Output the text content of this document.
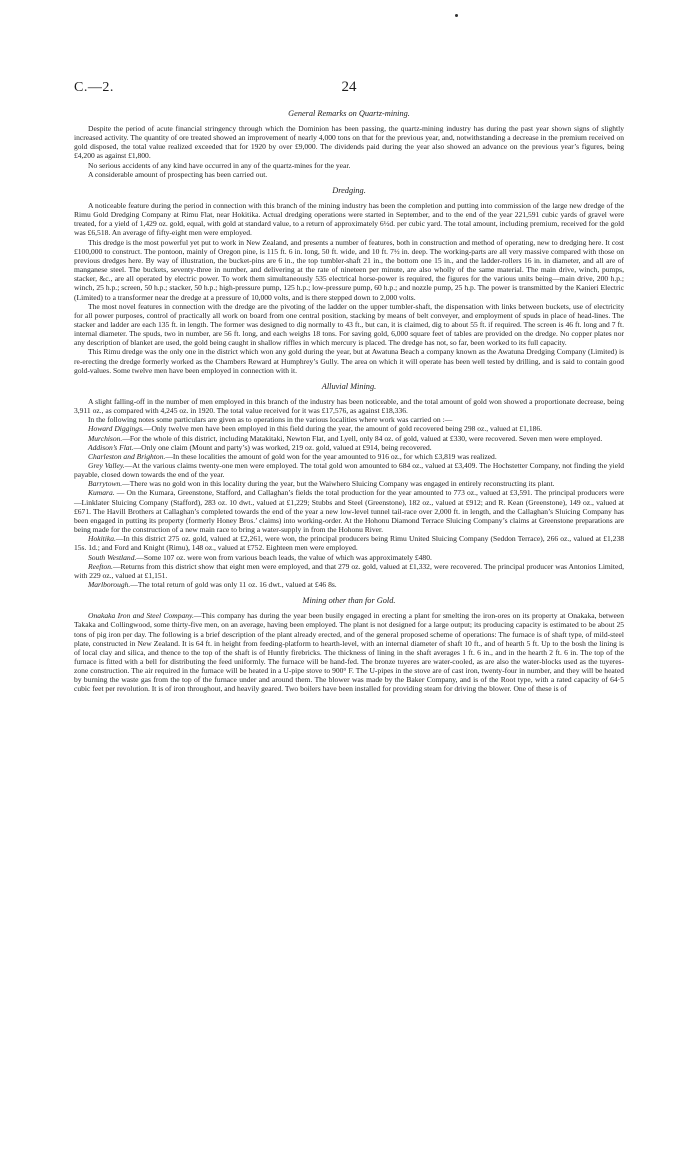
C.—2.	24
General Remarks on Quartz-mining.

Despite the period of acute financial stringency through which the Dominion has been passing, the quartz-mining industry has during the past year shown signs of slightly increased activity. The quantity of ore treated showed an improvement of nearly 4,000 tons on that for the previous year, and, notwithstanding a decrease in the premium received on gold disposed, the total value realized exceeded that for 1920 by over £9,000. The dividends paid during the year also showed an advance on the previous year’s figures, being £4,200 as against £1,800.

No serious accidents of any kind have occurred in any of the quartz-mines for the year.

A considerable amount of prospecting has been carried out.

Dredging.

A noticeable feature during the period in connection with this branch of the mining industry has been the completion and putting into commission of the large new dredge of the Rimu Gold Dredging Company at Rimu Flat, near Hokitika. Actual dredging operations were started in September, and to the end of the year 221,591 cubic yards of gravel were treated, for a yield of 1,429 oz. gold, equal, with gold at standard value, to a return of approximately 6½d. per cubic yard. The total amount, including premium, received for the gold was £6,518. An average of fifty-eight men were employed.

This dredge is the most powerful yet put to work in New Zealand, and presents a number of features, both in construction and method of operating, new to dredging here. It cost £100,000 to construct. The pontoon, mainly of Oregon pine, is 115 ft. 6 in. long, 50 ft. wide, and 10 ft. 7½ in. deep. The working-parts are all very massive compared with those on previous dredges here. By way of illustration, the bucket-pins are 6 in., the top tumbler-shaft 21 in., the bottom one 15 in., and the ladder-rollers 16 in. in diameter, and all are of manganese steel. The buckets, seventy-three in number, and delivering at the rate of nineteen per minute, are also wholly of the same material. The main drive, winch, pumps, stacker, &c., are all operated by electric power. To work them simultaneously 535 electrical horse-power is required, the figures for the various units being—main drive, 200 h.p.; winch, 25 h.p.; screen, 50 h.p.; stacker, 50 h.p.; high-pressure pump, 125 h.p.; low-pressure pump, 60 h.p.; and nozzle pump, 25 h.p. The power is transmitted by the Kanieri Electric (Limited) to a transformer near the dredge at a pressure of 10,000 volts, and is there stepped down to 2,000 volts.

The most novel features in connection with the dredge are the pivoting of the ladder on the upper tumbler-shaft, the dispensation with links between buckets, use of electricity for all power purposes, control of practically all work on board from one central position, stacking by means of belt conveyer, and employment of spuds in place of head-lines. The stacker and ladder are each 135 ft. in length. The former was designed to dig normally to 43 ft., but can, it is claimed, dig to about 55 ft. if required. The screen is 46 ft. long and 7 ft. internal diameter. The spuds, two in number, are 56 ft. long, and each weighs 18 tons. For saving gold, 6,000 square feet of tables are provided on the dredge. No copper plates nor any description of blanket are used, the gold being caught in shallow riffles in which mercury is placed. The dredge has not, so far, been worked to its full capacity.

This Rimu dredge was the only one in the district which won any gold during the year, but at Awatuna Beach a company known as the Awatuna Dredging Company (Limited) is re-erecting the dredge formerly worked as the Chambers Reward at Humphrey’s Gully. The area on which it will operate has been well tested by drilling, and is said to contain good gold-values. Some twelve men have been employed in connection with it.

Alluvial Mining.

A slight falling-off in the number of men employed in this branch of the industry has been noticeable, and the total amount of gold won showed a proportionate decrease, being 3,911 oz., as compared with 4,245 oz. in 1920. The total value received for it was £17,576, as against £18,336.

In the following notes some particulars are given as to operations in the various localities where work was carried on :—

Howard Diggings.—Only twelve men have been employed in this field during the year, the amount of gold recovered being 298 oz., valued at £1,186.

Murchison.—For the whole of this district, including Matakitaki, Newton Flat, and Lyell, only 84 oz. of gold, valued at £330, were recovered. Seven men were employed.

Addison’s Flat.—Only one claim (Mount and party’s) was worked, 219 oz. gold, valued at £914, being recovered.

Charleston and Brighton.—In these localities the amount of gold won for the year amounted to 916 oz., for which £3,819 was realized.

Grey Valley.—At the various claims twenty-one men were employed. The total gold won amounted to 684 oz., valued at £3,409. The Hochstetter Company, not finding the yield payable, closed down towards the end of the year.

Barrytown.—There was no gold won in this locality during the year, but the Waiwhero Sluicing Company was engaged in entirely reconstructing its plant.

Kumara. — On the Kumara, Greenstone, Stafford, and Callaghan’s fields the total production for the year amounted to 773 oz., valued at £3,591. The principal producers were—Linklater Sluicing Company (Stafford), 283 oz. 10 dwt., valued at £1,229; Stubbs and Steel (Greenstone), 182 oz., valued at £912; and R. Kean (Greenstone), 149 oz., valued at £671. The Havill Brothers at Callaghan’s completed towards the end of the year a new low-level tunnel tail-race over 2,000 ft. in length, and the Callaghan’s Sluicing Company has been engaged in putting its property (formerly Honey Bros.’ claims) into working-order. At the Hohonu Diamond Terrace Sluicing Company’s claims at Greenstone preparations are being made for the construction of a new main race to bring a water-supply in from the Hohonu River.

Hokitika.—In this district 275 oz. gold, valued at £2,261, were won, the principal producers being Rimu United Sluicing Company (Seddon Terrace), 266 oz., valued at £1,238 15s. 1d.; and Ford and Knight (Rimu), 148 oz., valued at £752. Eighteen men were employed.

South Westland.—Some 107 oz. were won from various beach leads, the value of which was approximately £480.

Reefton.—Returns from this district show that eight men were employed, and that 279 oz. gold, valued at £1,332, were recovered. The principal producer was Antonios Limited, with 229 oz., valued at £1,151.

Marlborough.—The total return of gold was only 11 oz. 16 dwt., valued at £46 8s.

Mining other than for Gold.

Onakaka Iron and Steel Company.—This company has during the year been busily engaged in erecting a plant for smelting the iron-ores on its property at Onakaka, between Takaka and Collingwood, some thirty-five men, on an average, having been employed. The plant is not designed for a large output; its producing capacity is estimated to be about 25 tons of pig iron per day. The following is a brief description of the plant already erected, and of the general proposed scheme of operations: The furnace is of shaft type, of mild-steel plate, constructed in New Zealand. It is 64 ft. in height from feeding-platform to hearth-level, with an internal diameter of shaft 10 ft., and of hearth 5 ft. Up to the bosh the lining is of local clay and silica, and thence to the top of the shaft is of Huntly firebricks. The thickness of lining in the shaft averages 1 ft. 6 in., and in the hearth 2 ft. 6 in. The top of the furnace is fitted with a bell for distributing the feed uniformly. The furnace will be hand-fed. The bronze tuyeres are water-cooled, as are also the water-blocks used as the tuyeres-zone construction. The air required in the furnace will be heated in a U-pipe stove to 900° F. The U-pipes in the stove are of cast iron, twenty-four in number, and they will be heated by burning the waste gas from the top of the furnace under and around them. The blower was made by the Baker Company, and is of the Root type, with a rated capacity of 64·5 cubic feet per revolution. It is of iron throughout, and heavily geared. Two boilers have been installed for providing steam for driving the blower. One of these is of
